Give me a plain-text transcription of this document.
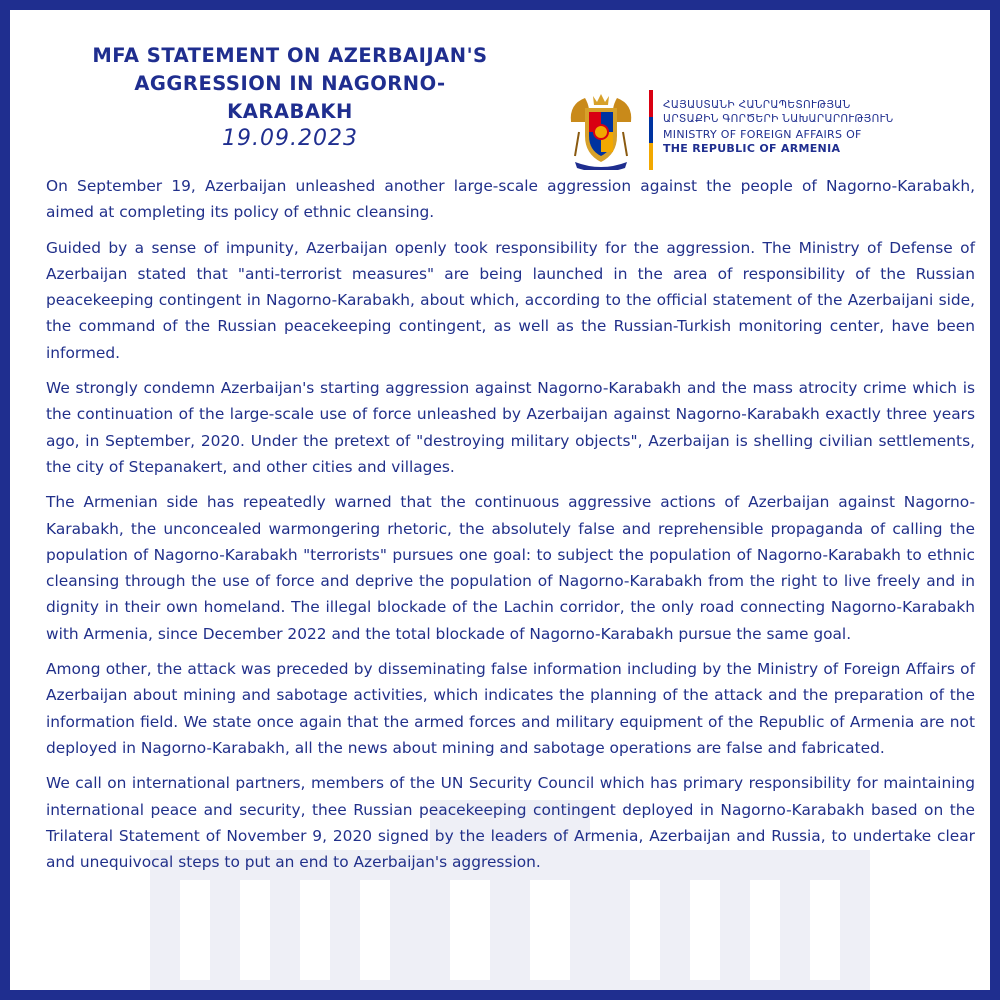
MFA STATEMENT ON AZERBAIJAN'S
AGGRESSION IN NAGORNO-KARABAKH
19.09.2023
ՀԱՅԱՍՏԱՆԻ ՀԱՆՐԱՊԵՏՈՒԹՅԱՆ
ԱՐՏԱՔԻՆ ԳՈՐԾԵՐԻ ՆԱԽԱՐԱՐՈՒԹՅՈՒՆ
MINISTRY OF FOREIGN AFFAIRS OF
THE REPUBLIC OF ARMENIA

On September 19, Azerbaijan unleashed another large-scale aggression against the people of Nagorno-Karabakh, aimed at completing its policy of ethnic cleansing.

Guided by a sense of impunity, Azerbaijan openly took responsibility for the aggression. The Ministry of Defense of Azerbaijan stated that "anti-terrorist measures" are being launched in the area of responsibility of the Russian peacekeeping contingent in Nagorno-Karabakh, about which, according to the official statement of the Azerbaijani side, the command of the Russian peacekeeping contingent, as well as the Russian-Turkish monitoring center, have been informed.

We strongly condemn Azerbaijan's starting aggression against Nagorno-Karabakh and the mass atrocity crime which is the continuation of the large-scale use of force unleashed by Azerbaijan against Nagorno-Karabakh exactly three years ago, in September, 2020. Under the pretext of "destroying military objects", Azerbaijan is shelling civilian settlements, the city of Stepanakert, and other cities and villages.

The Armenian side has repeatedly warned that the continuous aggressive actions of Azerbaijan against Nagorno-Karabakh, the unconcealed warmongering rhetoric, the absolutely false and reprehensible propaganda of calling the population of Nagorno-Karabakh "terrorists" pursues one goal: to subject the population of Nagorno-Karabakh to ethnic cleansing through the use of force and deprive the population of Nagorno-Karabakh from the right to live freely and in dignity in their own homeland. The illegal blockade of the Lachin corridor, the only road connecting Nagorno-Karabakh with Armenia, since December 2022 and the total blockade of Nagorno-Karabakh pursue the same goal.

Among other, the attack was preceded by disseminating false information including by the Ministry of Foreign Affairs of Azerbaijan about mining and sabotage activities, which indicates the planning of the attack and the preparation of the information field. We state once again that the armed forces and military equipment of the Republic of Armenia are not deployed in Nagorno-Karabakh, all the news about mining and sabotage operations are false and fabricated.

We call on international partners, members of the UN Security Council which has primary responsibility for maintaining international peace and security, thee Russian peacekeeping contingent deployed in Nagorno-Karabakh based on the Trilateral Statement of November 9, 2020 signed by the leaders of Armenia, Azerbaijan and Russia, to undertake clear and unequivocal steps to put an end to Azerbaijan's aggression.
